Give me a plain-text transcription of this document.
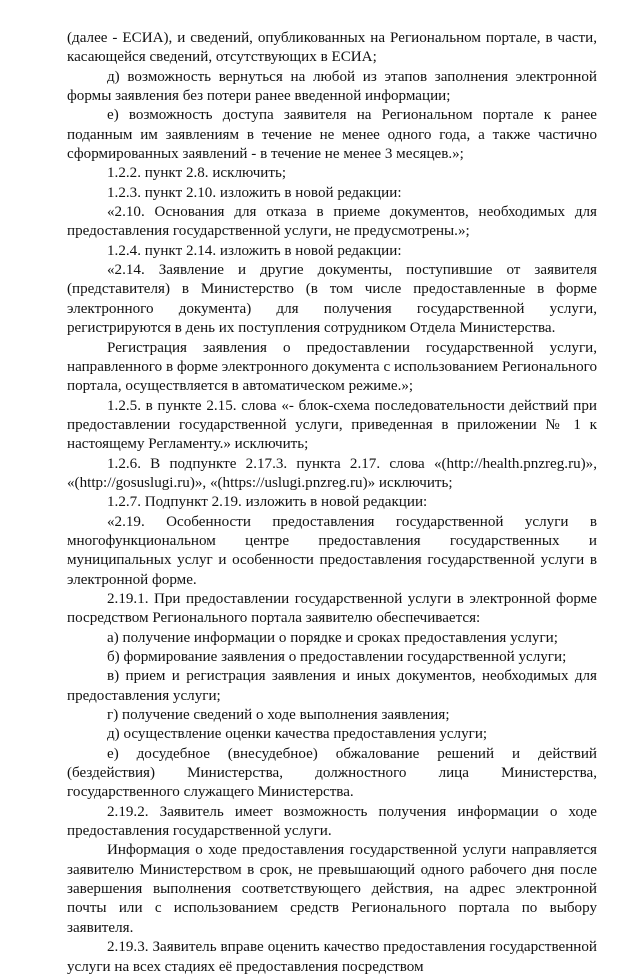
(далее - ЕСИА), и сведений, опубликованных на Региональном портале, в части, касающейся сведений, отсутствующих в ЕСИА;

д) возможность вернуться на любой из этапов заполнения электронной формы заявления без потери ранее введенной информации;

е) возможность доступа заявителя на Региональном портале к ранее поданным им заявлениям в течение не менее одного года, а также частично сформированных заявлений - в течение не менее 3 месяцев.»;

1.2.2. пункт 2.8. исключить;

1.2.3. пункт 2.10. изложить в новой редакции:

«2.10. Основания для отказа в приеме документов, необходимых для предоставления государственной услуги, не предусмотрены.»;

1.2.4. пункт 2.14. изложить в новой редакции:

«2.14. Заявление и другие документы, поступившие от заявителя (представителя) в Министерство (в том числе предоставленные в форме электронного документа) для получения государственной услуги, регистрируются в день их поступления сотрудником Отдела Министерства.

Регистрация заявления о предоставлении государственной услуги, направленного в форме электронного документа с использованием Регионального портала, осуществляется в автоматическом режиме.»;

1.2.5. в пункте 2.15. слова «- блок-схема последовательности действий при предоставлении государственной услуги, приведенная в приложении № 1 к настоящему Регламенту.» исключить;

1.2.6. В подпункте 2.17.3. пункта 2.17. слова «(http://health.pnzreg.ru)», «(http://gosuslugi.ru)», «(https://uslugi.pnzreg.ru)» исключить;

1.2.7. Подпункт 2.19. изложить в новой редакции:

«2.19. Особенности предоставления государственной услуги в многофункциональном центре предоставления государственных и муниципальных услуг и особенности предоставления государственной услуги в электронной форме.

2.19.1. При предоставлении государственной услуги в электронной форме посредством Регионального портала заявителю обеспечивается:

а) получение информации о порядке и сроках предоставления услуги;

б) формирование заявления о предоставлении государственной услуги;

в) прием и регистрация заявления и иных документов, необходимых для предоставления услуги;

г) получение сведений о ходе выполнения заявления;

д) осуществление оценки качества предоставления услуги;

е) досудебное (внесудебное) обжалование решений и действий (бездействия) Министерства, должностного лица Министерства, государственного служащего Министерства.

2.19.2. Заявитель имеет возможность получения информации о ходе предоставления государственной услуги.

Информация о ходе предоставления государственной услуги направляется заявителю Министерством в срок, не превышающий одного рабочего дня после завершения выполнения соответствующего действия, на адрес электронной почты или с использованием средств Регионального портала по выбору заявителя.

2.19.3. Заявитель вправе оценить качество предоставления государственной услуги на всех стадиях её предоставления посредством
